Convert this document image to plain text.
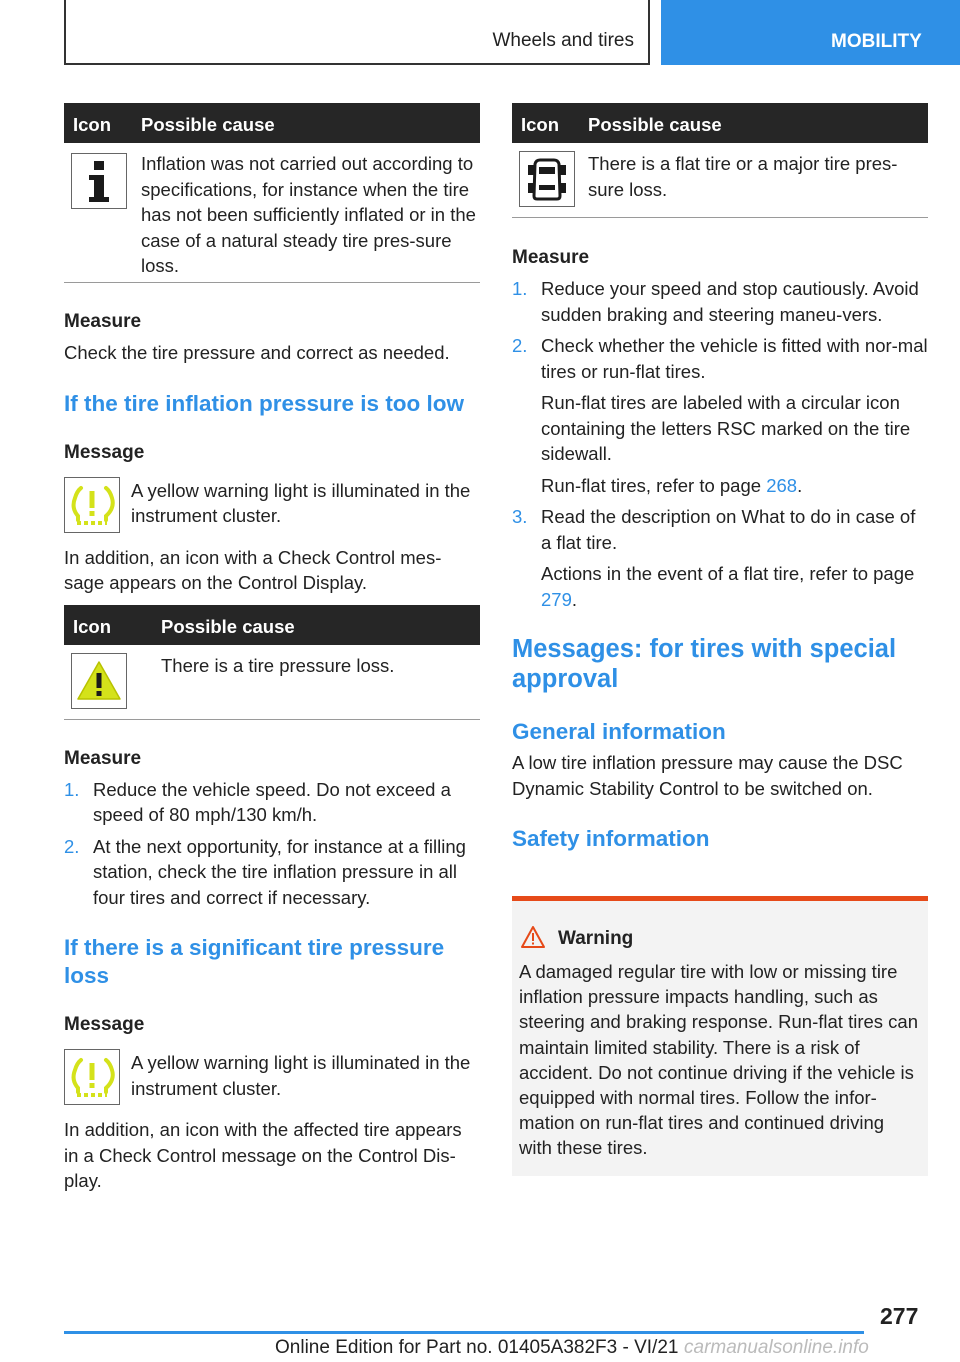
Wheels and tires	MOBILITY
Icon Possible cause
Inflation was not carried out according to specifications, for instance when the tire has not been sufficiently inflated or in the case of a natural steady tire pres-sure loss.
Measure
Check the tire pressure and correct as needed.
If the tire inflation pressure is too low
Message
A yellow warning light is illuminated in the instrument cluster.
In addition, an icon with a Check Control mes-sage appears on the Control Display.
Icon	Possible cause
There is a tire pressure loss.
Measure
1. Reduce the vehicle speed. Do not exceed a speed of 80 mph/130 km/h.
2. At the next opportunity, for instance at a filling station, check the tire inflation pressure in all four tires and correct if necessary.
If there is a significant tire pressure loss
Message
A yellow warning light is illuminated in the instrument cluster.
In addition, an icon with the affected tire appears in a Check Control message on the Control Dis-play.
Icon Possible cause
There is a flat tire or a major tire pres-sure loss.
Measure
1. Reduce your speed and stop cautiously. Avoid sudden braking and steering maneu-vers.
2. Check whether the vehicle is fitted with nor-mal tires or run-flat tires.
Run-flat tires are labeled with a circular icon containing the letters RSC marked on the tire sidewall.
Run-flat tires, refer to page 268.
3. Read the description on What to do in case of a flat tire.
Actions in the event of a flat tire, refer to page 279.
Messages: for tires with special approval
General information
A low tire inflation pressure may cause the DSC Dynamic Stability Control to be switched on.
Safety information
Warning
A damaged regular tire with low or missing tire inflation pressure impacts handling, such as steering and braking response. Run-flat tires can maintain limited stability. There is a risk of accident. Do not continue driving if the vehicle is equipped with normal tires. Follow the infor-mation on run-flat tires and continued driving with these tires.
277
Online Edition for Part no. 01405A382F3 - VI/21 carmanualsonline.info
